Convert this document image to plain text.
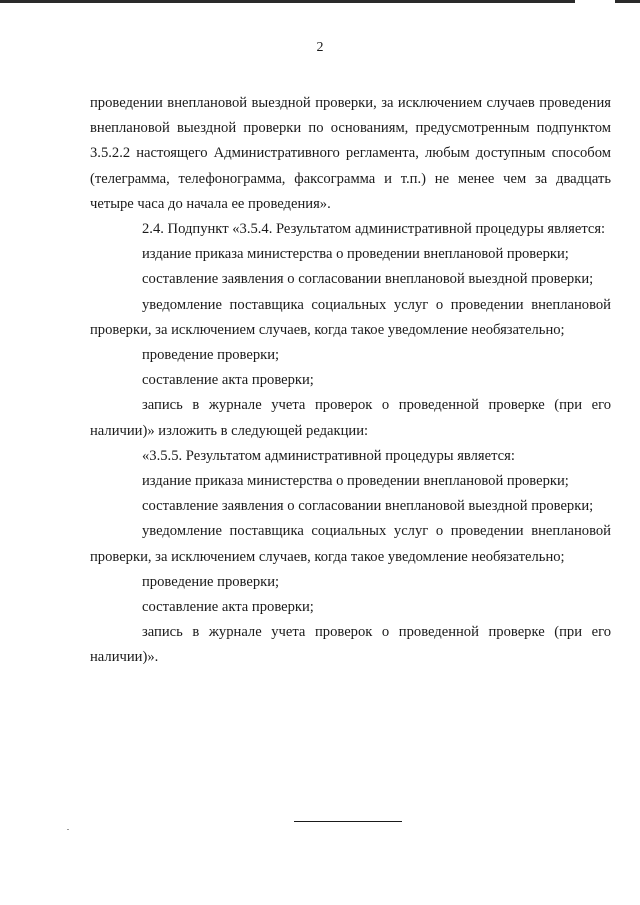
2

проведении внеплановой выездной проверки, за исключением случаев проведения внеплановой выездной проверки по основаниям, предусмотренным подпунктом 3.5.2.2 настоящего Административного регламента, любым доступным способом (телеграмма, телефонограмма, факсограмма и т.п.) не менее чем за двадцать четыре часа до начала ее проведения».

2.4. Подпункт «3.5.4. Результатом административной процедуры является:

издание приказа министерства о проведении внеплановой проверки;

составление заявления о согласовании внеплановой выездной проверки;

уведомление поставщика социальных услуг о проведении внеплановой проверки, за исключением случаев, когда такое уведомление необязательно;

проведение проверки;

составление акта проверки;

запись в журнале учета проверок о проведенной проверке (при его наличии)» изложить в следующей редакции:

«3.5.5. Результатом административной процедуры является:

издание приказа министерства о проведении внеплановой проверки;

составление заявления о согласовании внеплановой выездной проверки;

уведомление поставщика социальных услуг о проведении внеплановой проверки, за исключением случаев, когда такое уведомление необязательно;

проведение проверки;

составление акта проверки;

запись в журнале учета проверок о проведенной проверке (при его наличии)».
